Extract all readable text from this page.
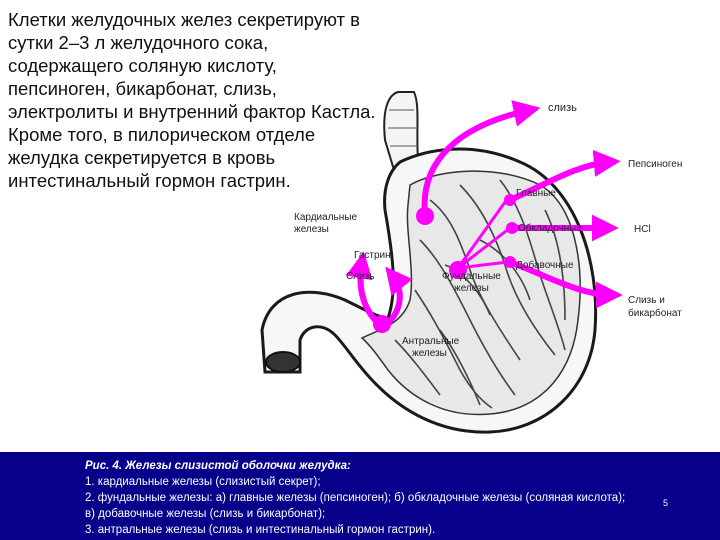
Клетки желудочных желез секретируют в сутки 2–3 л желудочного сока, содержащего соляную кислоту, пепсиноген, бикарбонат, слизь, электролиты и внутренний фактор Кастла. Кроме того, в пилорическом отделе желудка секретируется в кровь интестинальный гормон гастрин.

слизь
Пепсиноген
HCl
Слизь и
бикарбонат
Кардиальные
железы
Главные
Обкладочные
Добавочные
Гастрин
Слизь	Фундальные
железы
Антральные
железы
Рис. 4. Железы слизистой оболочки желудка:
1. кардиальные железы (слизистый секрет);
2. фундальные железы: а) главные железы (пепсиноген); б) обкладочные железы (соляная кислота);
в) добавочные железы (слизь и бикарбонат);
3. антральные железы (слизь и интестинальный гормон гастрин).
5
